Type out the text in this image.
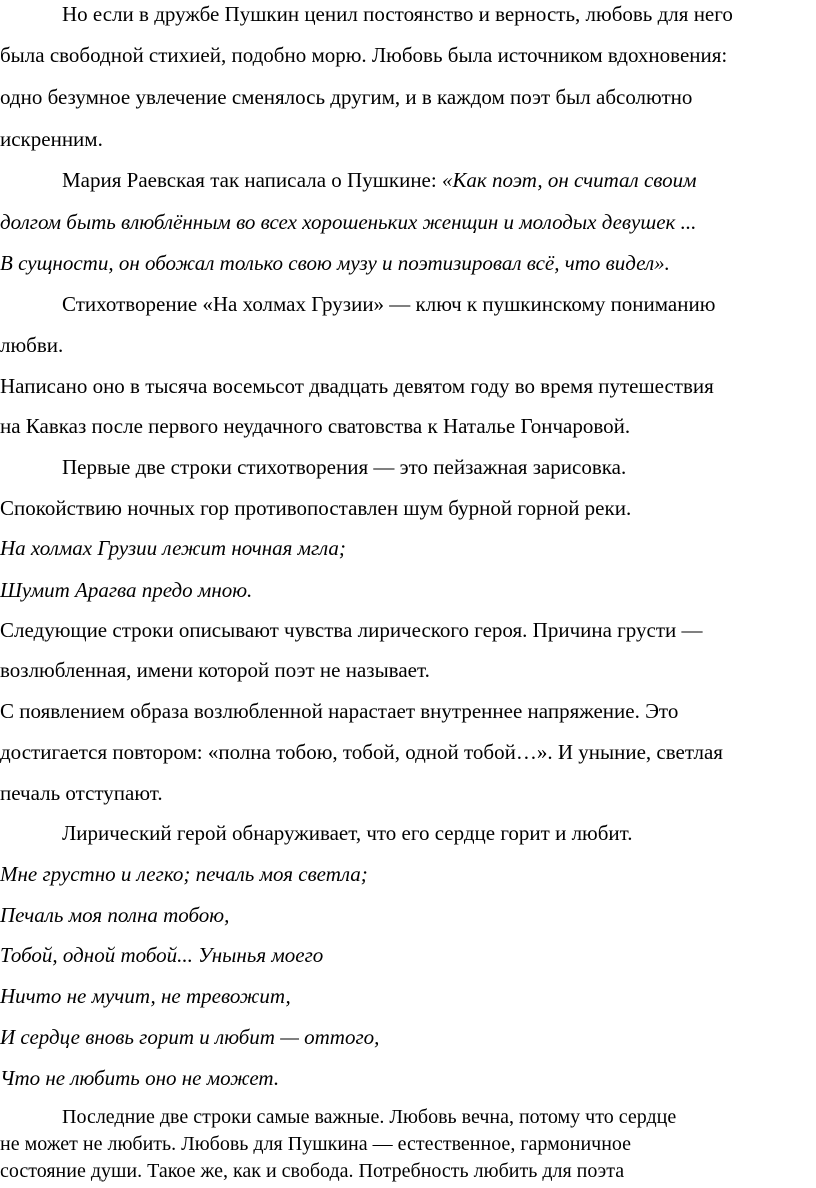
Но если в дружбе Пушкин ценил постоянство и верность, любовь для него

была свободной стихией, подобно морю. Любовь была источником вдохновения:

одно безумное увлечение сменялось другим, и в каждом поэт был абсолютно

искренним.

Мария Раевская так написала о Пушкине: «Как поэт, он считал своим

долгом быть влюблённым во всех хорошеньких женщин и молодых девушек ...

В сущности, он обожал только свою музу и поэтизировал всё, что видел».

Стихотворение «На холмах Грузии» — ключ к пушкинскому пониманию

любви.

Написано оно в тысяча восемьсот двадцать девятом году во время путешествия

на Кавказ после первого неудачного сватовства к Наталье Гончаровой.

Первые две строки стихотворения — это пейзажная зарисовка.

Спокойствию ночных гор противопоставлен шум бурной горной реки.

На холмах Грузии лежит ночная мгла;

Шумит Арагва предо мною.

Следующие строки описывают чувства лирического героя. Причина грусти —

возлюбленная, имени которой поэт не называет.

С появлением образа возлюбленной нарастает внутреннее напряжение. Это

достигается повтором: «полна тобою, тобой, одной тобой…». И уныние, светлая

печаль отступают.

Лирический герой обнаруживает, что его сердце горит и любит.

Мне грустно и легко; печаль моя светла;

Печаль моя полна тобою,

Тобой, одной тобой... Унынья моего

Ничто не мучит, не тревожит,

И сердце вновь горит и любит — оттого,

Что не любить оно не может.

Последние две строки самые важные. Любовь вечна, потому что сердце

не может не любить. Любовь для Пушкина — естественное, гармоничное

состояние души. Такое же, как и свобода. Потребность любить для поэта
